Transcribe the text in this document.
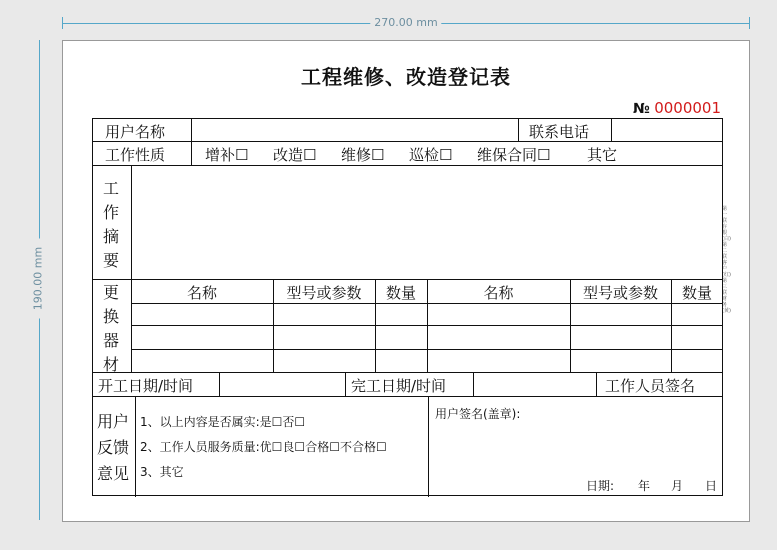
270.00 mm
190.00 mm
工程维修、改造登记表
№ 0000001
第一联存根(白)第二联客户(红)第三联财务(黄)
用户名称	联系电话
工作性质	增补☐ 改造☐ 维修☐ 巡检☐ 维保合同☐ 其它
工作摘要
更换器材
名称	型号或参数	数量	名称	型号或参数	数量
开工日期/时间	完工日期/时间	工作人员签名
用户反馈意见
1、以上内容是否属实:是☐否☐
2、工作人员服务质量:优☐良☐合格☐不合格☐
3、其它
用户签名(盖章):
日期: 年 月 日
